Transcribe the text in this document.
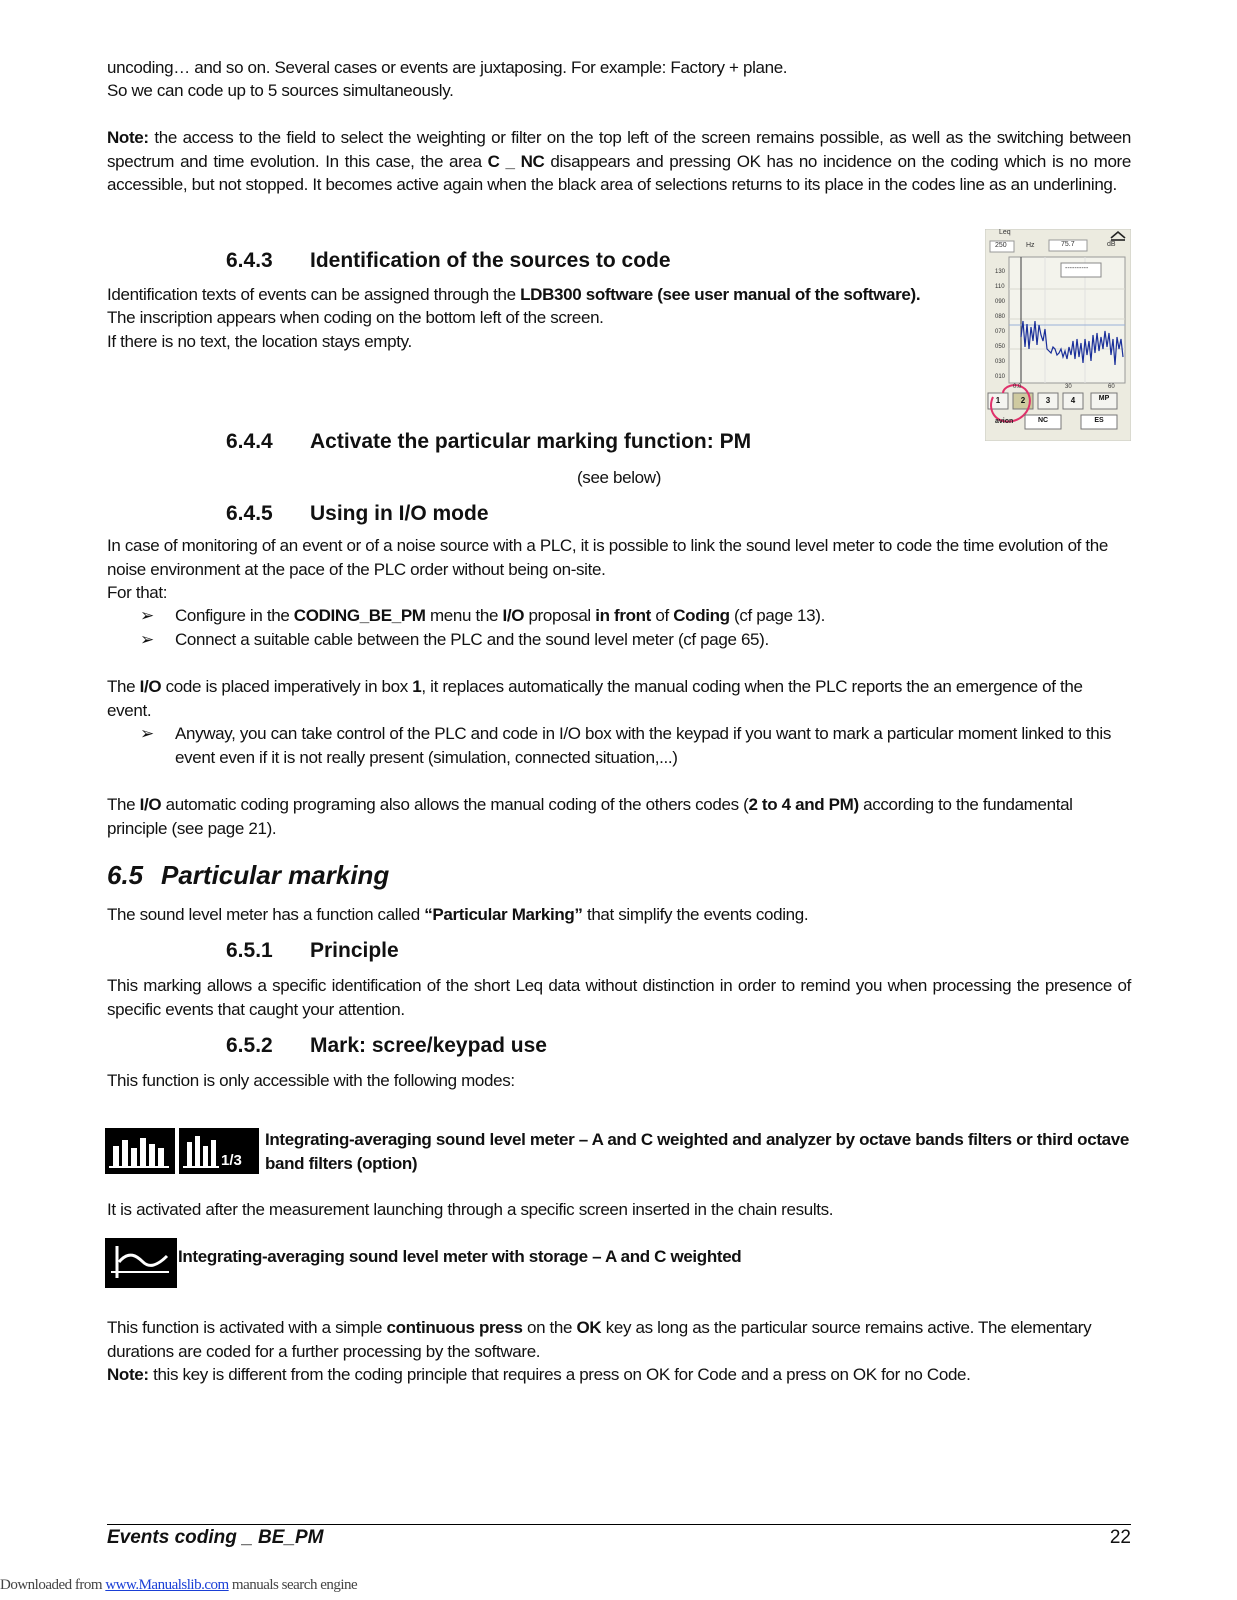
uncoding… and so on. Several cases or events are juxtaposing. For example: Factory + plane.
So we can code up to 5 sources simultaneously.
Note: the access to the field to select the weighting or filter on the top left of the screen remains possible, as well as the switching between spectrum and time evolution. In this case, the area C _ NC disappears and pressing OK has no incidence on the coding which is no more accessible, but not stopped. It becomes active again when the black area of selections returns to its place in the codes line as an underlining.
6.4.3 Identification of the sources to code
Identification texts of events can be assigned through the LDB300 software (see user manual of the software).
The inscription appears when coding on the bottom left of the screen.
If there is no text, the location stays empty.
Leq
250	Hz	75.7	dB
----------
130
110
090
080
070
050
030
010
0.0	30	60
1	2	3	4	MP
avion	NC	ES
6.4.4 Activate the particular marking function: PM
(see below)
6.4.5 Using in I/O mode
In case of monitoring of an event or of a noise source with a PLC, it is possible to link the sound level meter to code the time evolution of the noise environment at the pace of the PLC order without being on-site.
For that:
➢ Configure in the CODING_BE_PM menu the I/O proposal in front of Coding (cf page 13).
➢ Connect a suitable cable between the PLC and the sound level meter (cf page 65).
The I/O code is placed imperatively in box 1, it replaces automatically the manual coding when the PLC reports the an emergence of the event.
➢ Anyway, you can take control of the PLC and code in I/O box with the keypad if you want to mark a particular moment linked to this event even if it is not really present (simulation, connected situation,...)
The I/O automatic coding programing also allows the manual coding of the others codes (2 to 4 and PM) according to the fundamental principle (see page 21).
6.5 Particular marking
The sound level meter has a function called “Particular Marking” that simplify the events coding.
6.5.1 Principle
This marking allows a specific identification of the short Leq data without distinction in order to remind you when processing the presence of specific events that caught your attention.
6.5.2 Mark: scree/keypad use
This function is only accessible with the following modes:
1/3
Integrating-averaging sound level meter – A and C weighted and analyzer by octave bands filters or third octave band filters (option)
It is activated after the measurement launching through a specific screen inserted in the chain results.
Integrating-averaging sound level meter with storage – A and C weighted
This function is activated with a simple continuous press on the OK key as long as the particular source remains active. The elementary durations are coded for a further processing by the software.
Note: this key is different from the coding principle that requires a press on OK for Code and a press on OK for no Code.
Events coding _ BE_PM	22
Downloaded from www.Manualslib.com manuals search engine
